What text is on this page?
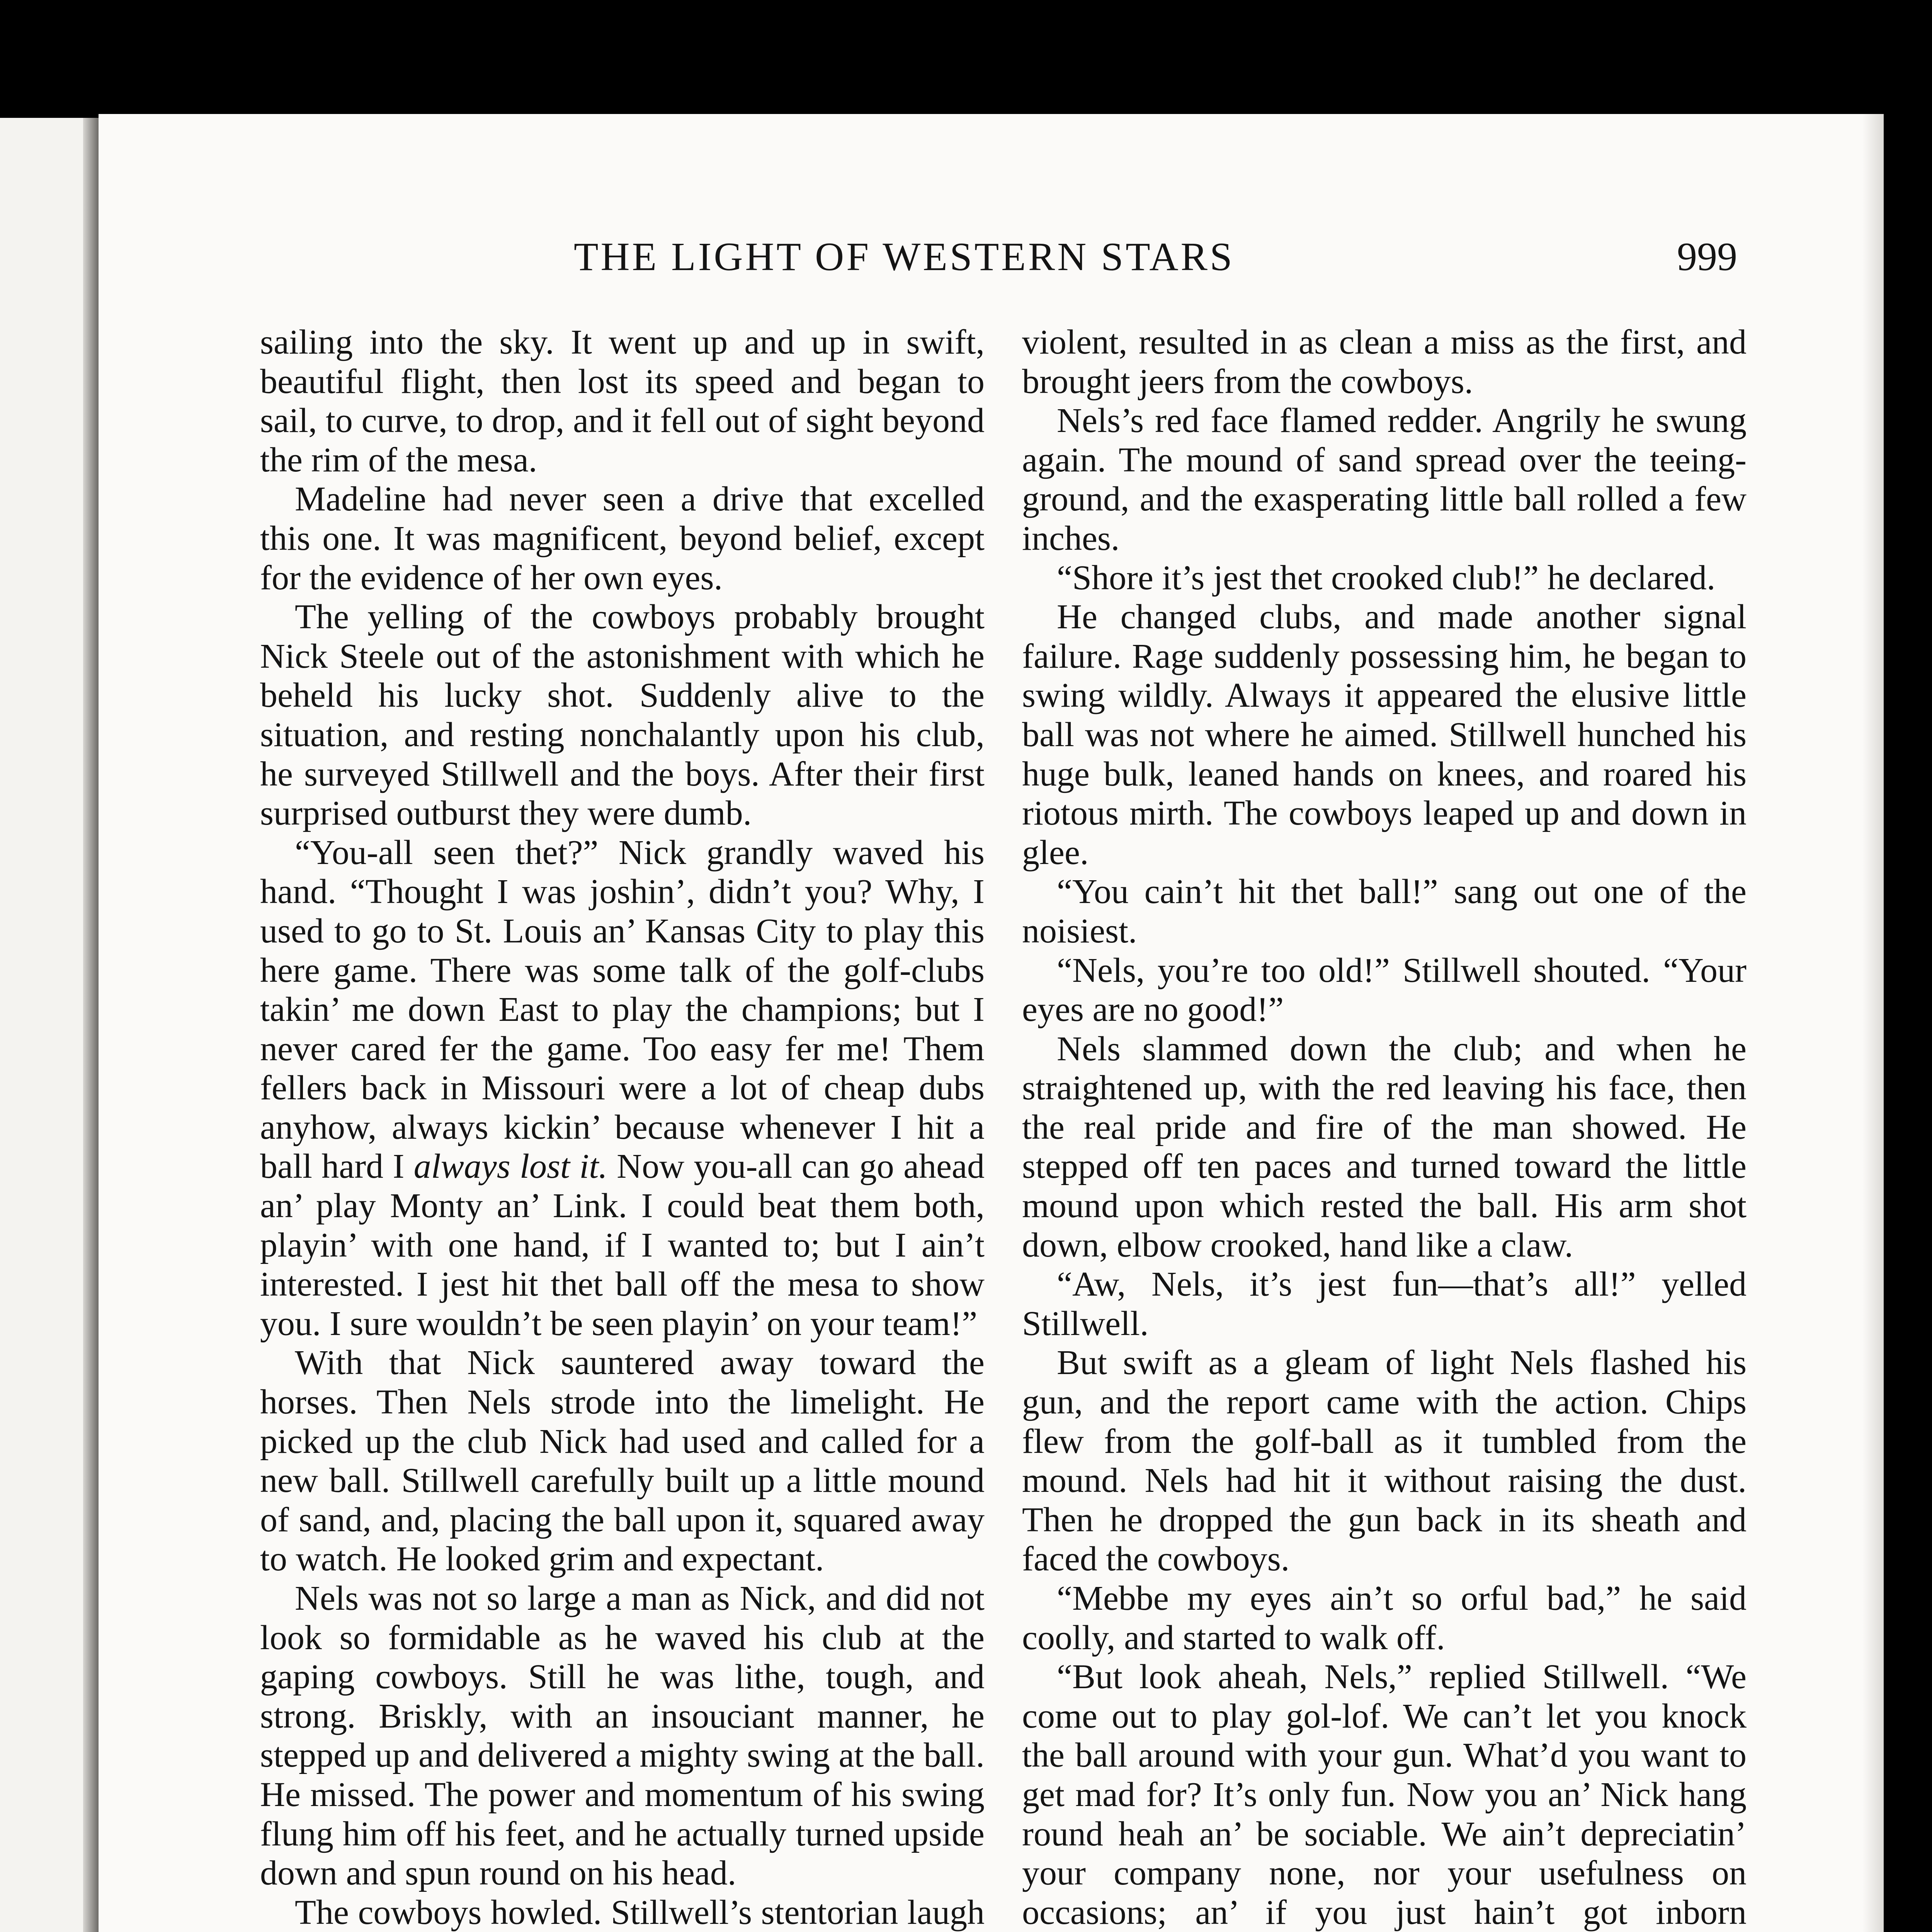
THE LIGHT OF WESTERN STARS	999

sailing into the sky. It went up and up in swift, beautiful flight, then lost its speed and began to sail, to curve, to drop, and it fell out of sight beyond the rim of the mesa.

Madeline had never seen a drive that excelled this one. It was magnificent, beyond belief, except for the evidence of her own eyes.

The yelling of the cowboys probably brought Nick Steele out of the astonishment with which he beheld his lucky shot. Suddenly alive to the situation, and resting nonchalantly upon his club, he surveyed Stillwell and the boys. After their first surprised outburst they were dumb.

“You-all seen thet?” Nick grandly waved his hand. “Thought I was joshin’, didn’t you? Why, I used to go to St. Louis an’ Kansas City to play this here game. There was some talk of the golf-clubs takin’ me down East to play the champions; but I never cared fer the game. Too easy fer me! Them fellers back in Missouri were a lot of cheap dubs anyhow, always kickin’ because whenever I hit a ball hard I always lost it. Now you-all can go ahead an’ play Monty an’ Link. I could beat them both, playin’ with one hand, if I wanted to; but I ain’t interested. I jest hit thet ball off the mesa to show you. I sure wouldn’t be seen playin’ on your team!”

With that Nick sauntered away toward the horses. Then Nels strode into the limelight. He picked up the club Nick had used and called for a new ball. Stillwell carefully built up a little mound of sand, and, placing the ball upon it, squared away to watch. He looked grim and expectant.

Nels was not so large a man as Nick, and did not look so formidable as he waved his club at the gaping cowboys. Still he was lithe, tough, and strong. Briskly, with an insouciant manner, he stepped up and delivered a mighty swing at the ball. He missed. The power and momentum of his swing flung him off his feet, and he actually turned upside down and spun round on his head.

The cowboys howled. Stillwell’s stentorian laugh

violent, resulted in as clean a miss as the first, and brought jeers from the cowboys.

Nels’s red face flamed redder. Angrily he swung again. The mound of sand spread over the teeing-ground, and the exasperating little ball rolled a few inches.

“Shore it’s jest thet crooked club!” he declared.

He changed clubs, and made another signal failure. Rage suddenly possessing him, he began to swing wildly. Always it appeared the elusive little ball was not where he aimed. Stillwell hunched his huge bulk, leaned hands on knees, and roared his riotous mirth. The cowboys leaped up and down in glee.

“You cain’t hit thet ball!” sang out one of the noisiest.

“Nels, you’re too old!” Stillwell shouted. “Your eyes are no good!”

Nels slammed down the club; and when he straightened up, with the red leaving his face, then the real pride and fire of the man showed. He stepped off ten paces and turned toward the little mound upon which rested the ball. His arm shot down, elbow crooked, hand like a claw.

“Aw, Nels, it’s jest fun—that’s all!” yelled Stillwell.

But swift as a gleam of light Nels flashed his gun, and the report came with the action. Chips flew from the golf-ball as it tumbled from the mound. Nels had hit it without raising the dust. Then he dropped the gun back in its sheath and faced the cowboys.

“Mebbe my eyes ain’t so orful bad,” he said coolly, and started to walk off.

“But look aheah, Nels,” replied Stillwell. “We come out to play gol-lof. We can’t let you knock the ball around with your gun. What’d you want to get mad for? It’s only fun. Now you an’ Nick hang round heah an’ be sociable. We ain’t depreciatin’ your company none, nor your usefulness on occasions; an’ if you just hain’t got inborn
